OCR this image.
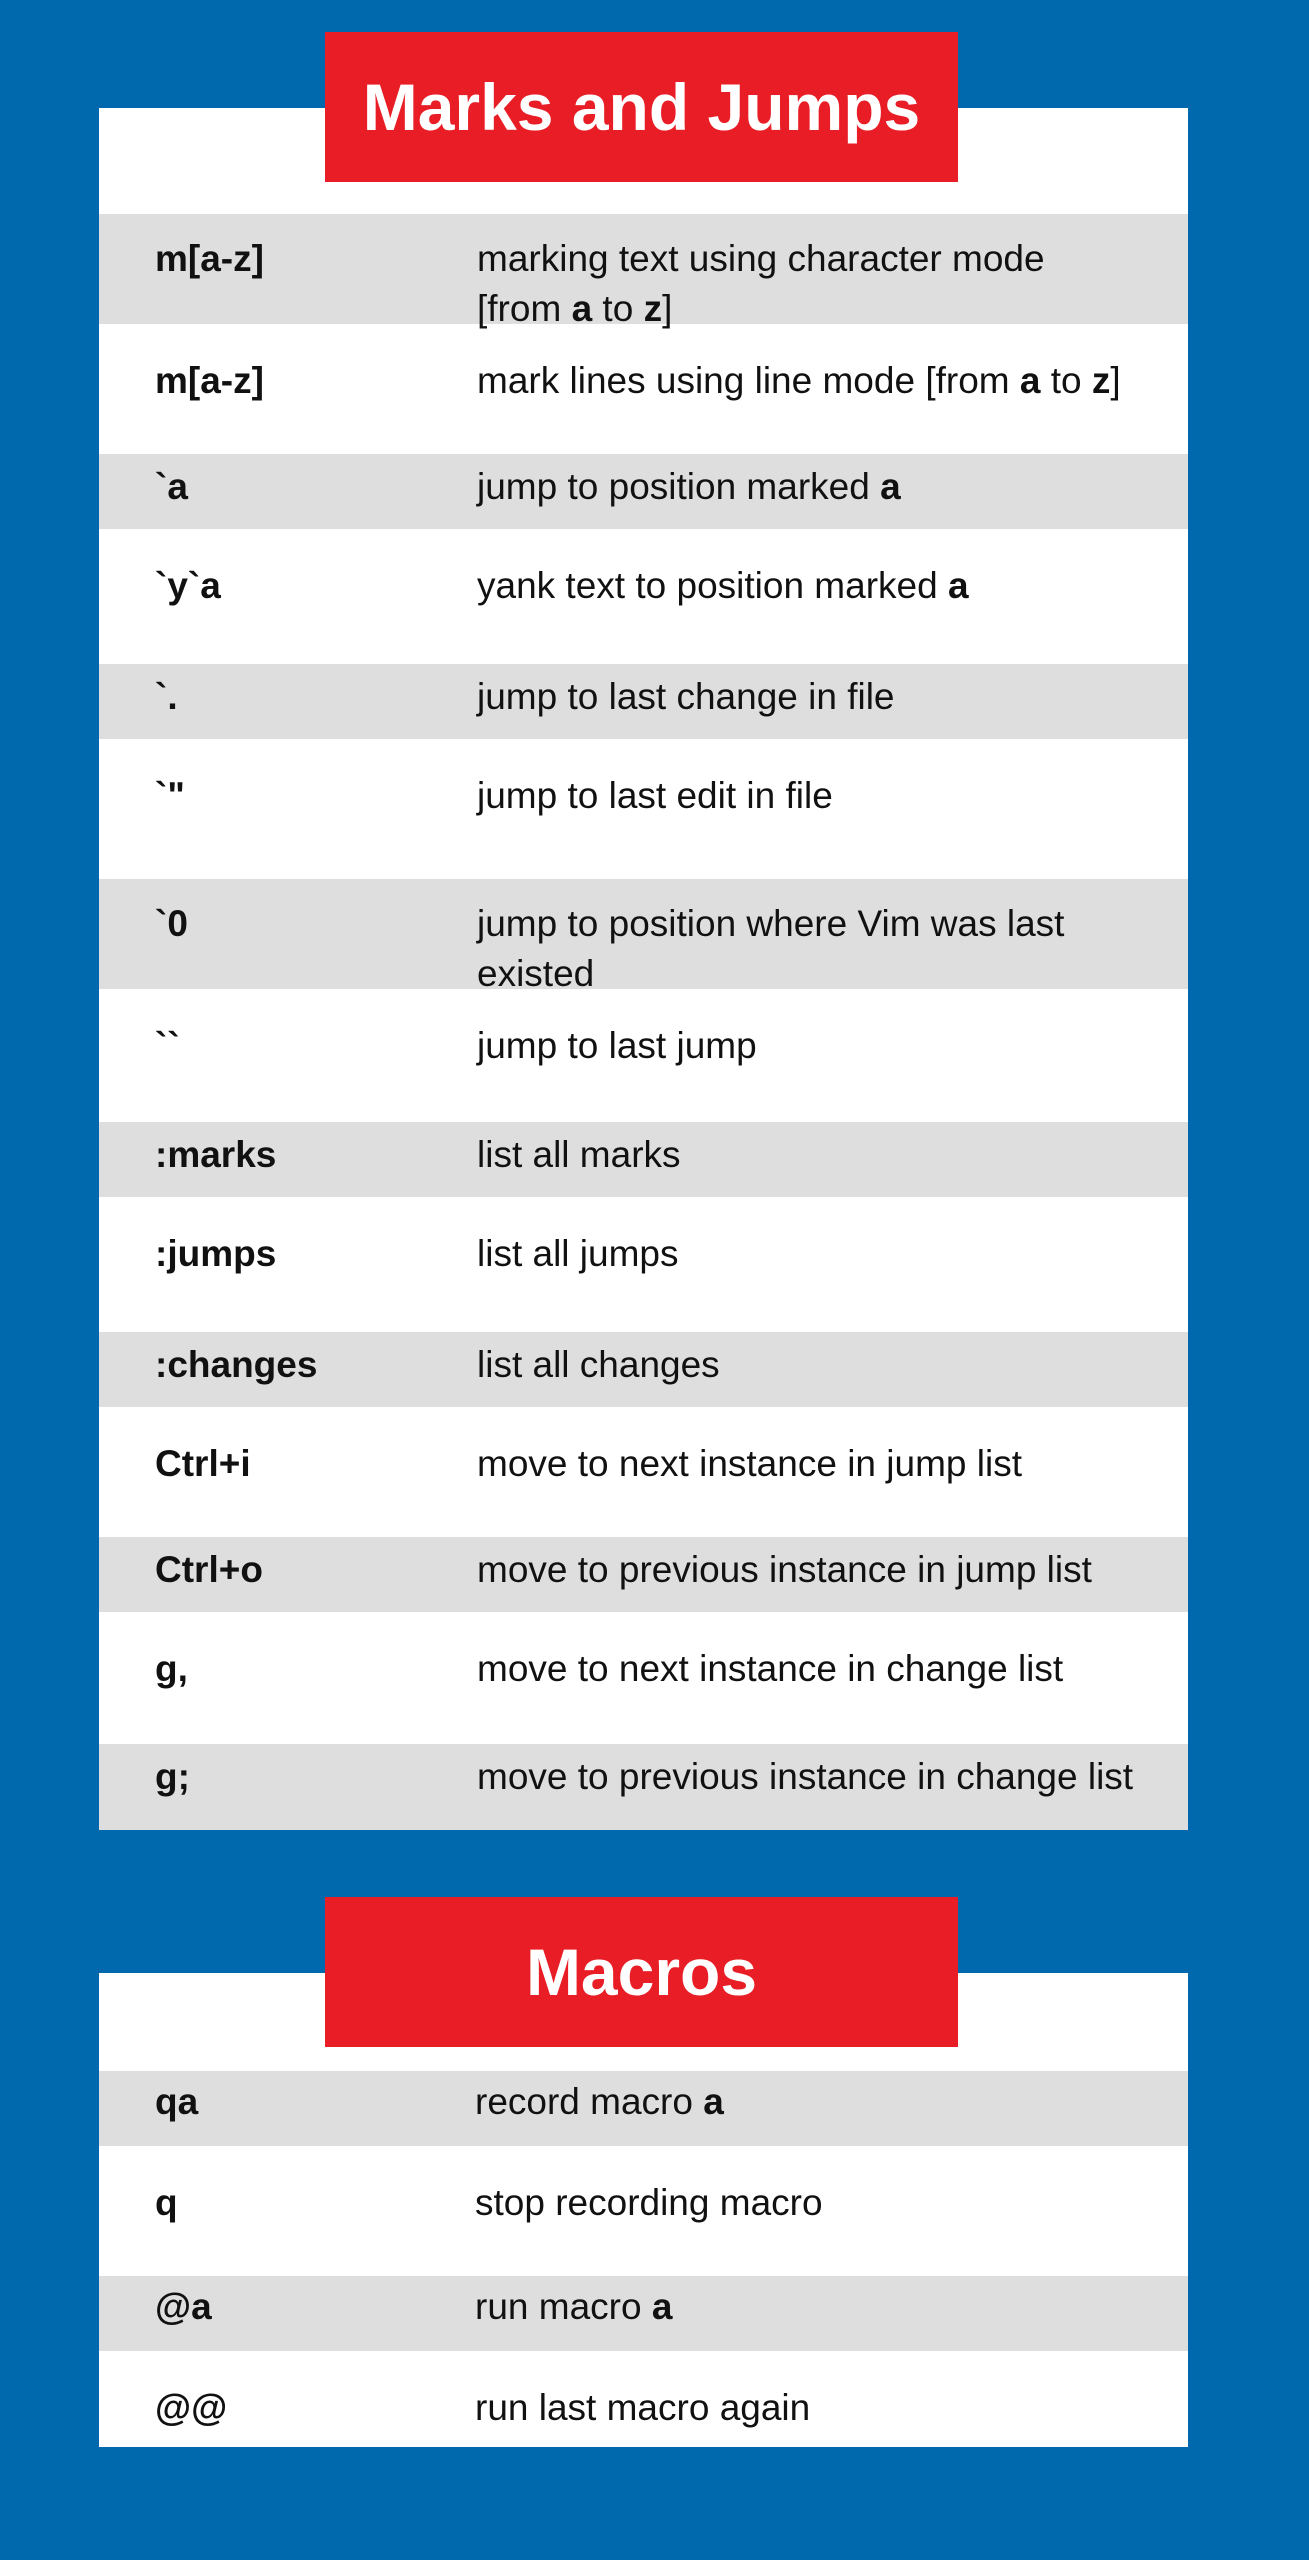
Marks and Jumps
m[a-z]	marking text using character mode
[from a to z]
m[a-z]	mark lines using line mode [from a to z]
`a	jump to position marked a
`y`a	yank text to position marked a
`.	jump to last change in file
`"	jump to last edit in file
`0	jump to position where Vim was last existed
``	jump to last jump
:marks	list all marks
:jumps	list all jumps
:changes	list all changes
Ctrl+i	move to next instance in jump list
Ctrl+o	move to previous instance in jump list
g,	move to next instance in change list
g;	move to previous instance in change list
Macros
qa	record macro a
q	stop recording macro
@a	run macro a
@@	run last macro again
